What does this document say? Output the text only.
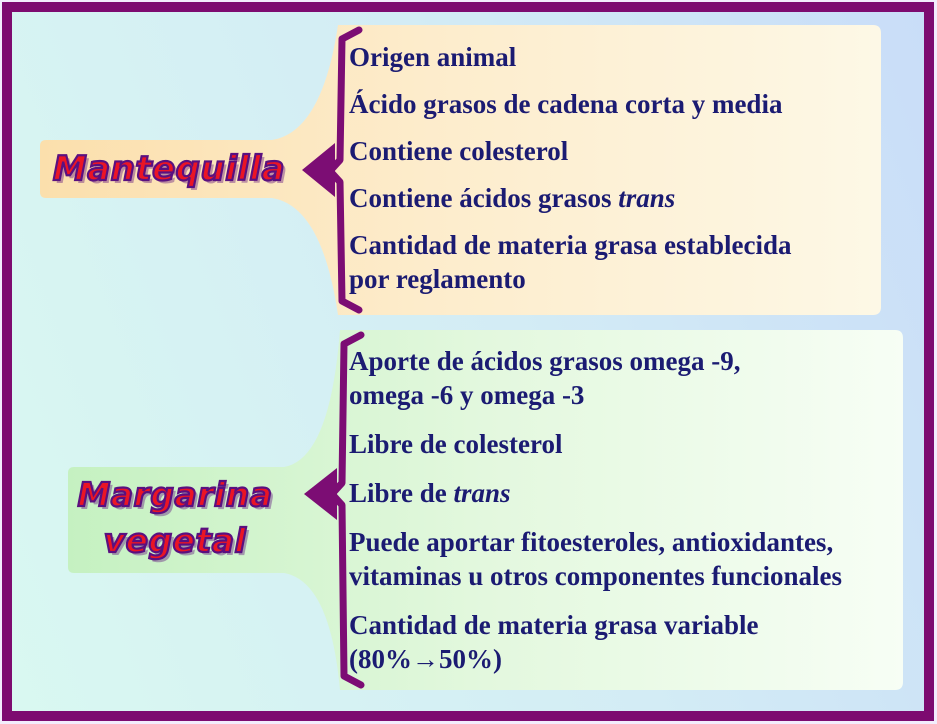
Mantequilla

Origen animal

Ácido grasos de cadena corta y media

Contiene colesterol

Contiene ácidos grasos trans

Cantidad de materia grasa establecida
por reglamento

Margarina
vegetal

Aporte de ácidos grasos omega -9,
omega -6 y omega -3

Libre de colesterol

Libre de trans

Puede aportar fitoesteroles, antioxidantes,
vitaminas u otros componentes funcionales

Cantidad de materia grasa variable
(80%→50%)
